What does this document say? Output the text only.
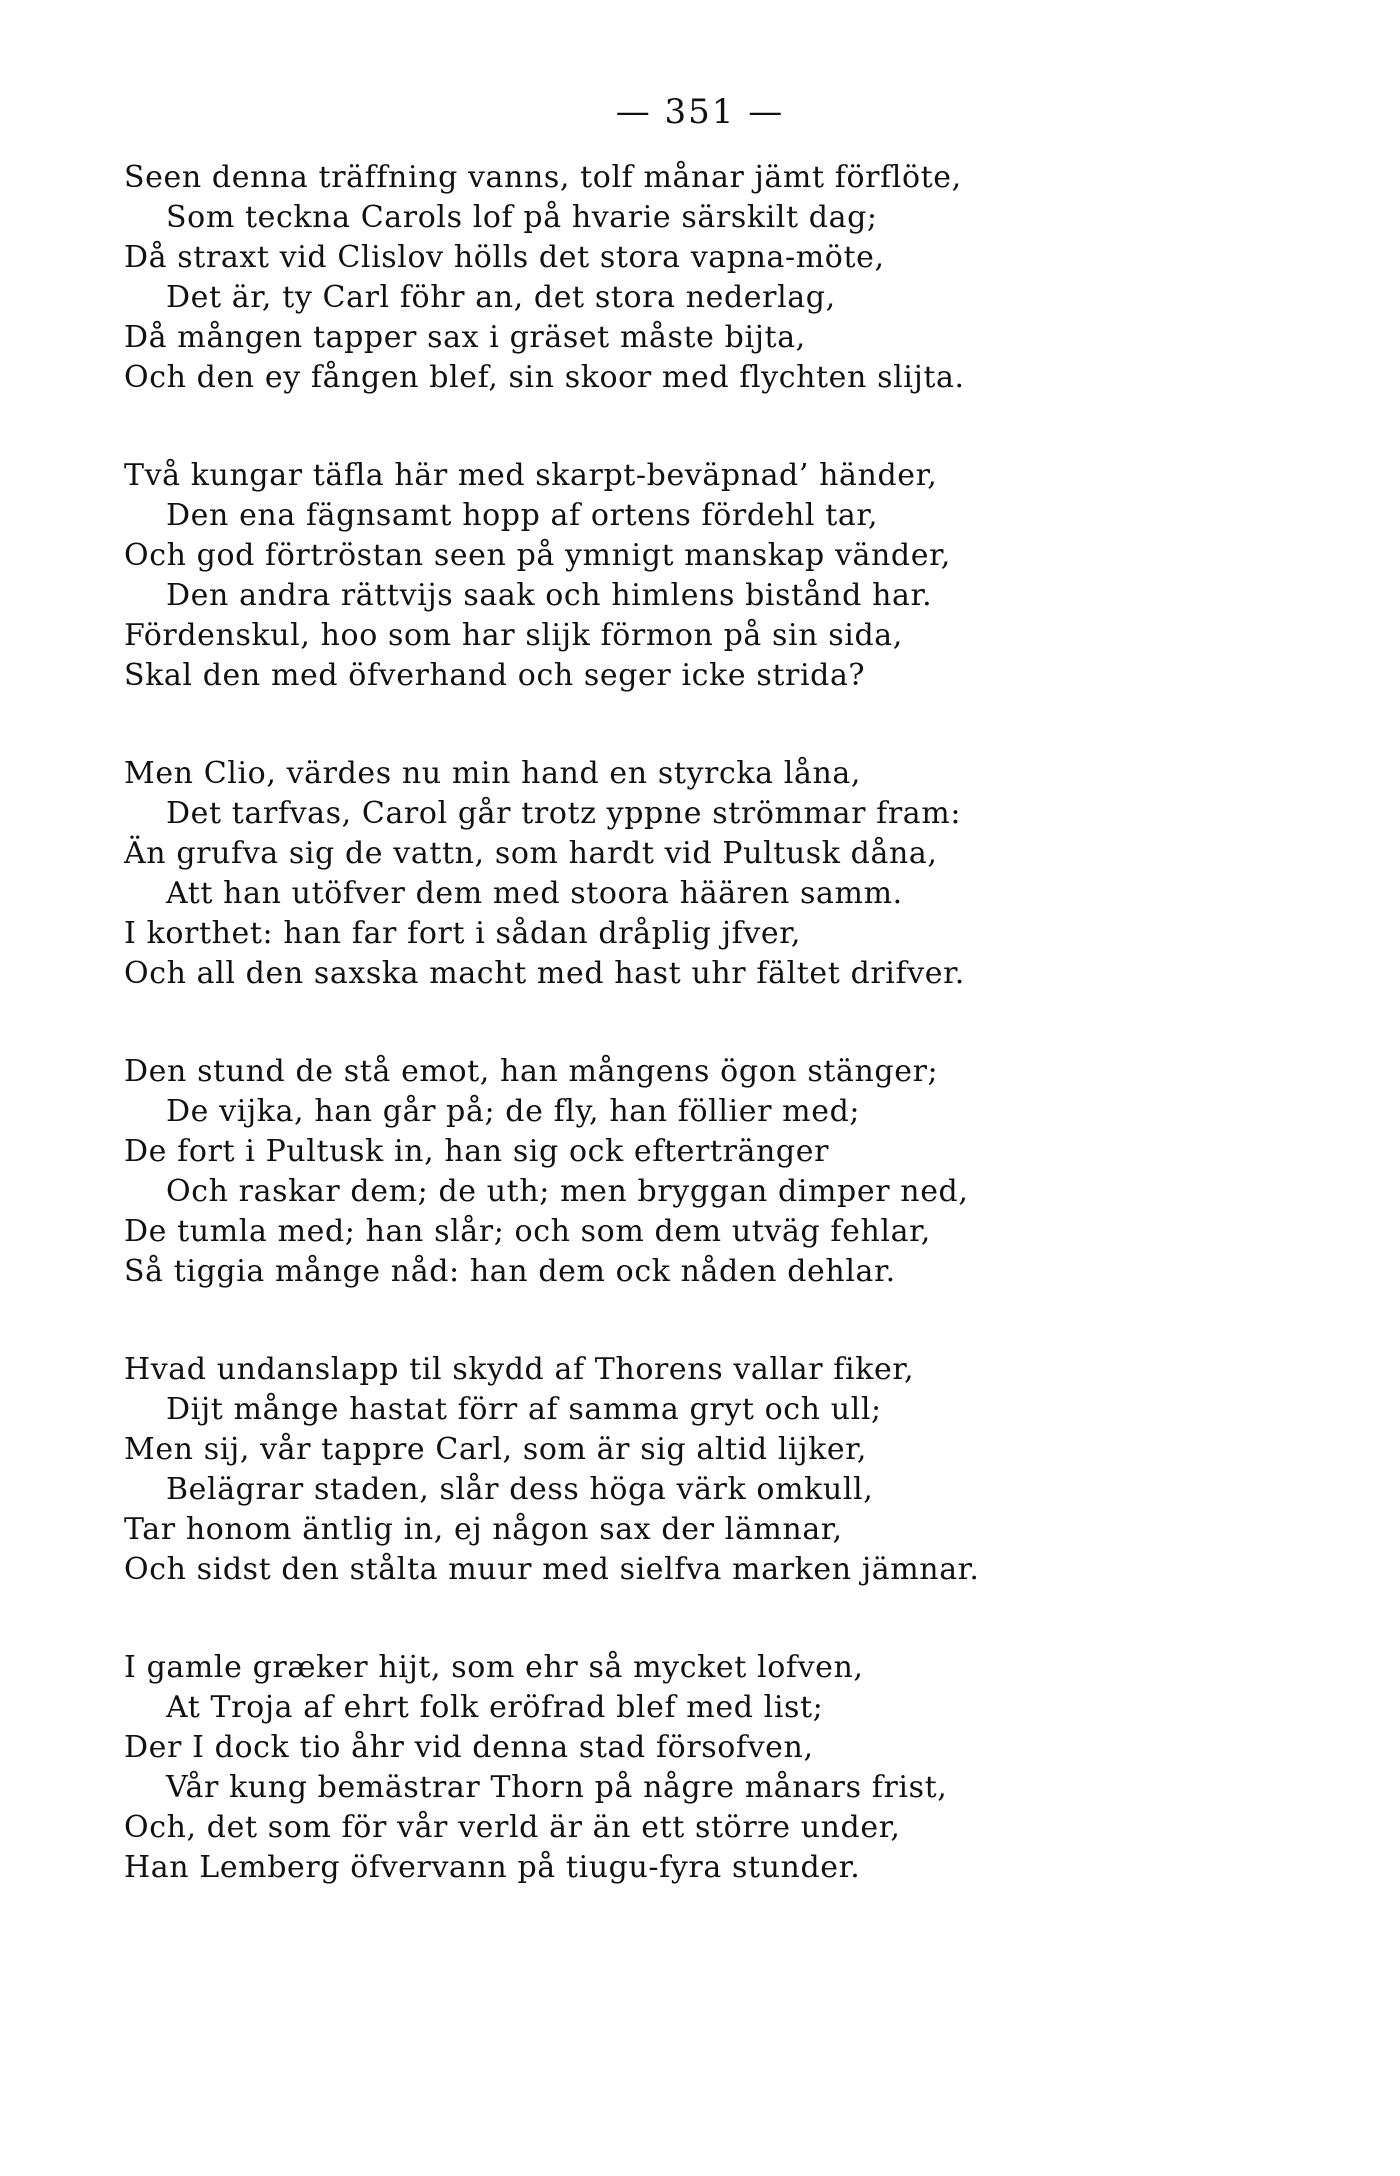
— 351 —
Seen denna träffning vanns, tolf månar jämt förflöte,
Som teckna Carols lof på hvarie särskilt dag;
Då straxt vid Clislov hölls det stora vapna-möte,
Det är, ty Carl föhr an, det stora nederlag,
Då mången tapper sax i gräset måste bijta,
Och den ey fången blef, sin skoor med flychten slijta.
Två kungar täfla här med skarpt-beväpnad’ händer,
Den ena fägnsamt hopp af ortens fördehl tar,
Och god förtröstan seen på ymnigt manskap vänder,
Den andra rättvijs saak och himlens bistånd har.
Fördenskul, hoo som har slijk förmon på sin sida,
Skal den med öfverhand och seger icke strida?
Men Clio, värdes nu min hand en styrcka låna,
Det tarfvas, Carol går trotz yppne strömmar fram:
Än grufva sig de vattn, som hardt vid Pultusk dåna,
Att han utöfver dem med stoora häären samm.
I korthet: han far fort i sådan dråplig jfver,
Och all den saxska macht med hast uhr fältet drifver.
Den stund de stå emot, han mångens ögon stänger;
De vijka, han går på; de fly, han föllier med;
De fort i Pultusk in, han sig ock eftertränger
Och raskar dem; de uth; men bryggan dimper ned,
De tumla med; han slår; och som dem utväg fehlar,
Så tiggia månge nåd: han dem ock nåden dehlar.
Hvad undanslapp til skydd af Thorens vallar fiker,
Dijt månge hastat förr af samma gryt och ull;
Men sij, vår tappre Carl, som är sig altid lijker,
Belägrar staden, slår dess höga värk omkull,
Tar honom äntlig in, ej någon sax der lämnar,
Och sidst den stålta muur med sielfva marken jämnar.
I gamle græker hijt, som ehr så mycket lofven,
At Troja af ehrt folk eröfrad blef med list;
Der I dock tio åhr vid denna stad försofven,
Vår kung bemästrar Thorn på någre månars frist,
Och, det som för vår verld är än ett större under,
Han Lemberg öfvervann på tiugu-fyra stunder.
